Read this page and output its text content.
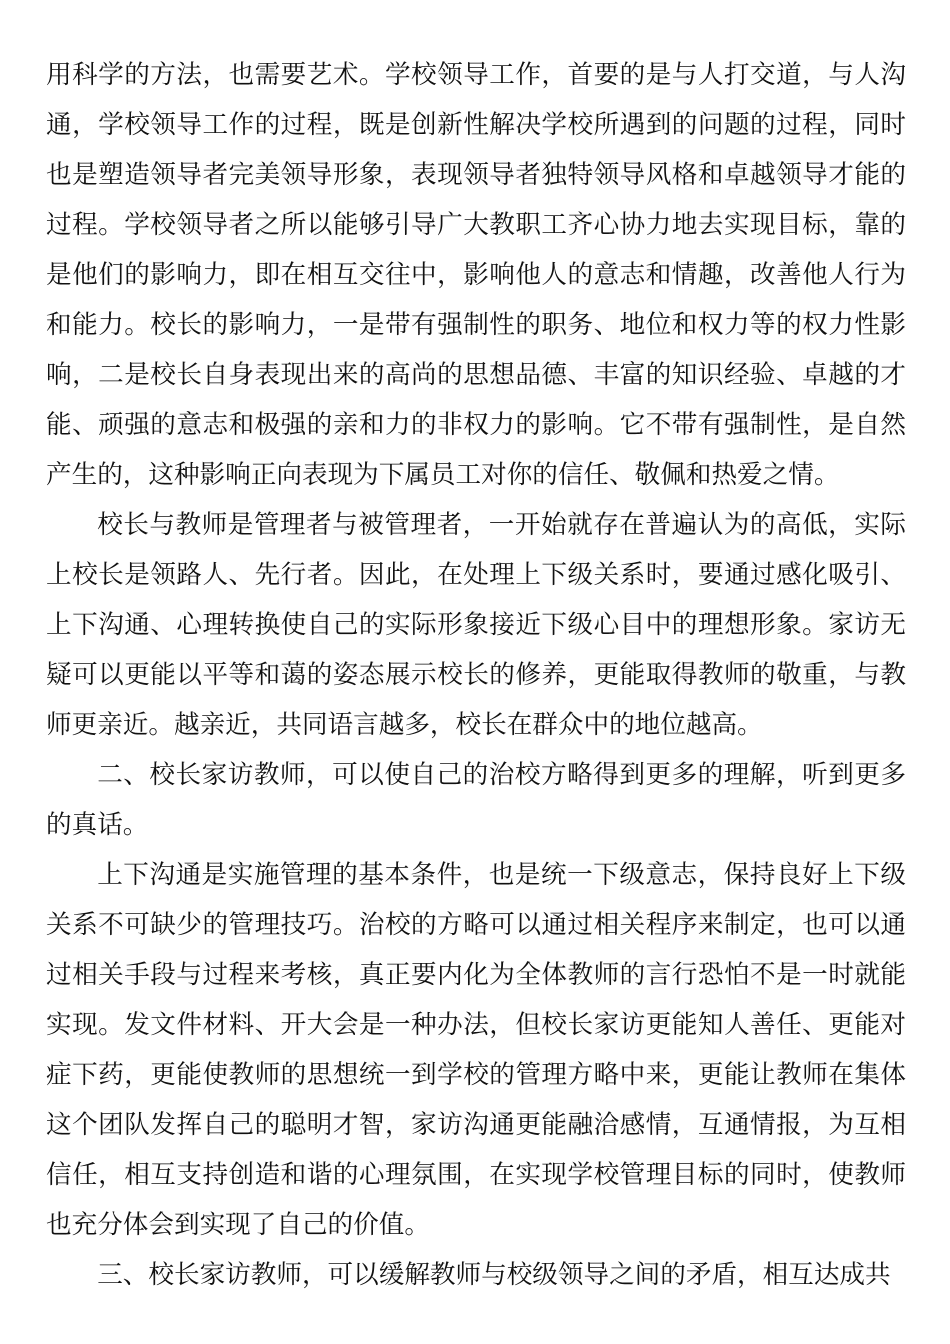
用科学的方法，也需要艺术。学校领导工作，首要的是与人打交道，与人沟通，学校领导工作的过程，既是创新性解决学校所遇到的问题的过程，同时也是塑造领导者完美领导形象，表现领导者独特领导风格和卓越领导才能的过程。学校领导者之所以能够引导广大教职工齐心协力地去实现目标，靠的是他们的影响力，即在相互交往中，影响他人的意志和情趣，改善他人行为和能力。校长的影响力，一是带有强制性的职务、地位和权力等的权力性影响，二是校长自身表现出来的高尚的思想品德、丰富的知识经验、卓越的才能、顽强的意志和极强的亲和力的非权力的影响。它不带有强制性，是自然产生的，这种影响正向表现为下属员工对你的信任、敬佩和热爱之情。

校长与教师是管理者与被管理者，一开始就存在普遍认为的高低，实际上校长是领路人、先行者。因此，在处理上下级关系时，要通过感化吸引、上下沟通、心理转换使自己的实际形象接近下级心目中的理想形象。家访无疑可以更能以平等和蔼的姿态展示校长的修养，更能取得教师的敬重，与教师更亲近。越亲近，共同语言越多，校长在群众中的地位越高。

二、校长家访教师，可以使自己的治校方略得到更多的理解，听到更多的真话。

上下沟通是实施管理的基本条件，也是统一下级意志，保持良好上下级关系不可缺少的管理技巧。治校的方略可以通过相关程序来制定，也可以通过相关手段与过程来考核，真正要内化为全体教师的言行恐怕不是一时就能实现。发文件材料、开大会是一种办法，但校长家访更能知人善任、更能对症下药，更能使教师的思想统一到学校的管理方略中来，更能让教师在集体这个团队发挥自己的聪明才智，家访沟通更能融洽感情，互通情报，为互相信任，相互支持创造和谐的心理氛围，在实现学校管理目标的同时，使教师也充分体会到实现了自己的价值。

三、校长家访教师，可以缓解教师与校级领导之间的矛盾，相互达成共
